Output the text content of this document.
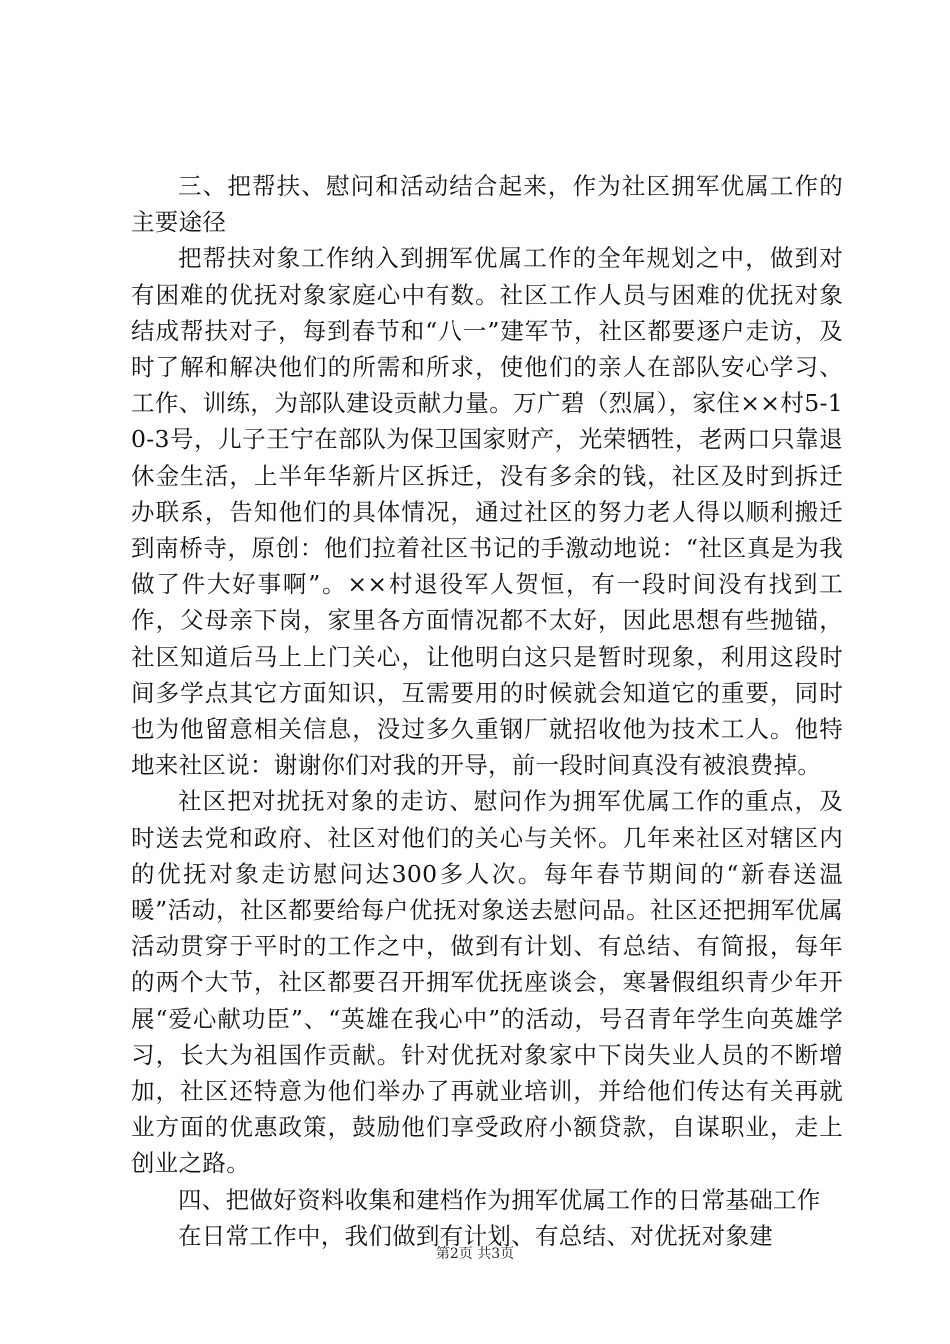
三、把帮扶、慰问和活动结合起来，作为社区拥军优属工作的主要途径

把帮扶对象工作纳入到拥军优属工作的全年规划之中，做到对有困难的优抚对象家庭心中有数。社区工作人员与困难的优抚对象结成帮扶对子，每到春节和“八一”建军节，社区都要逐户走访，及时了解和解决他们的所需和所求，使他们的亲人在部队安心学习、工作、训练，为部队建设贡献力量。万广碧（烈属），家住××村5-10-3号，儿子王宁在部队为保卫国家财产，光荣牺牲，老两口只靠退休金生活，上半年华新片区拆迁，没有多余的钱，社区及时到拆迁办联系，告知他们的具体情况，通过社区的努力老人得以顺利搬迁到南桥寺，原创：他们拉着社区书记的手激动地说：“社区真是为我做了件大好事啊”。××村退役军人贺恒，有一段时间没有找到工作，父母亲下岗，家里各方面情况都不太好，因此思想有些抛锚，社区知道后马上上门关心，让他明白这只是暂时现象，利用这段时间多学点其它方面知识，互需要用的时候就会知道它的重要，同时也为他留意相关信息，没过多久重钢厂就招收他为技术工人。他特地来社区说：谢谢你们对我的开导，前一段时间真没有被浪费掉。

社区把对扰抚对象的走访、慰问作为拥军优属工作的重点，及时送去党和政府、社区对他们的关心与关怀。几年来社区对辖区内的优抚对象走访慰问达300多人次。每年春节期间的“新春送温暖”活动，社区都要给每户优抚对象送去慰问品。社区还把拥军优属活动贯穿于平时的工作之中，做到有计划、有总结、有简报，每年的两个大节，社区都要召开拥军优抚座谈会，寒暑假组织青少年开展“爱心献功臣”、“英雄在我心中”的活动，号召青年学生向英雄学习，长大为祖国作贡献。针对优抚对象家中下岗失业人员的不断增加，社区还特意为他们举办了再就业培训，并给他们传达有关再就业方面的优惠政策，鼓励他们享受政府小额贷款，自谋职业，走上创业之路。

四、把做好资料收集和建档作为拥军优属工作的日常基础工作

在日常工作中，我们做到有计划、有总结、对优抚对象建

第2页 共3页
